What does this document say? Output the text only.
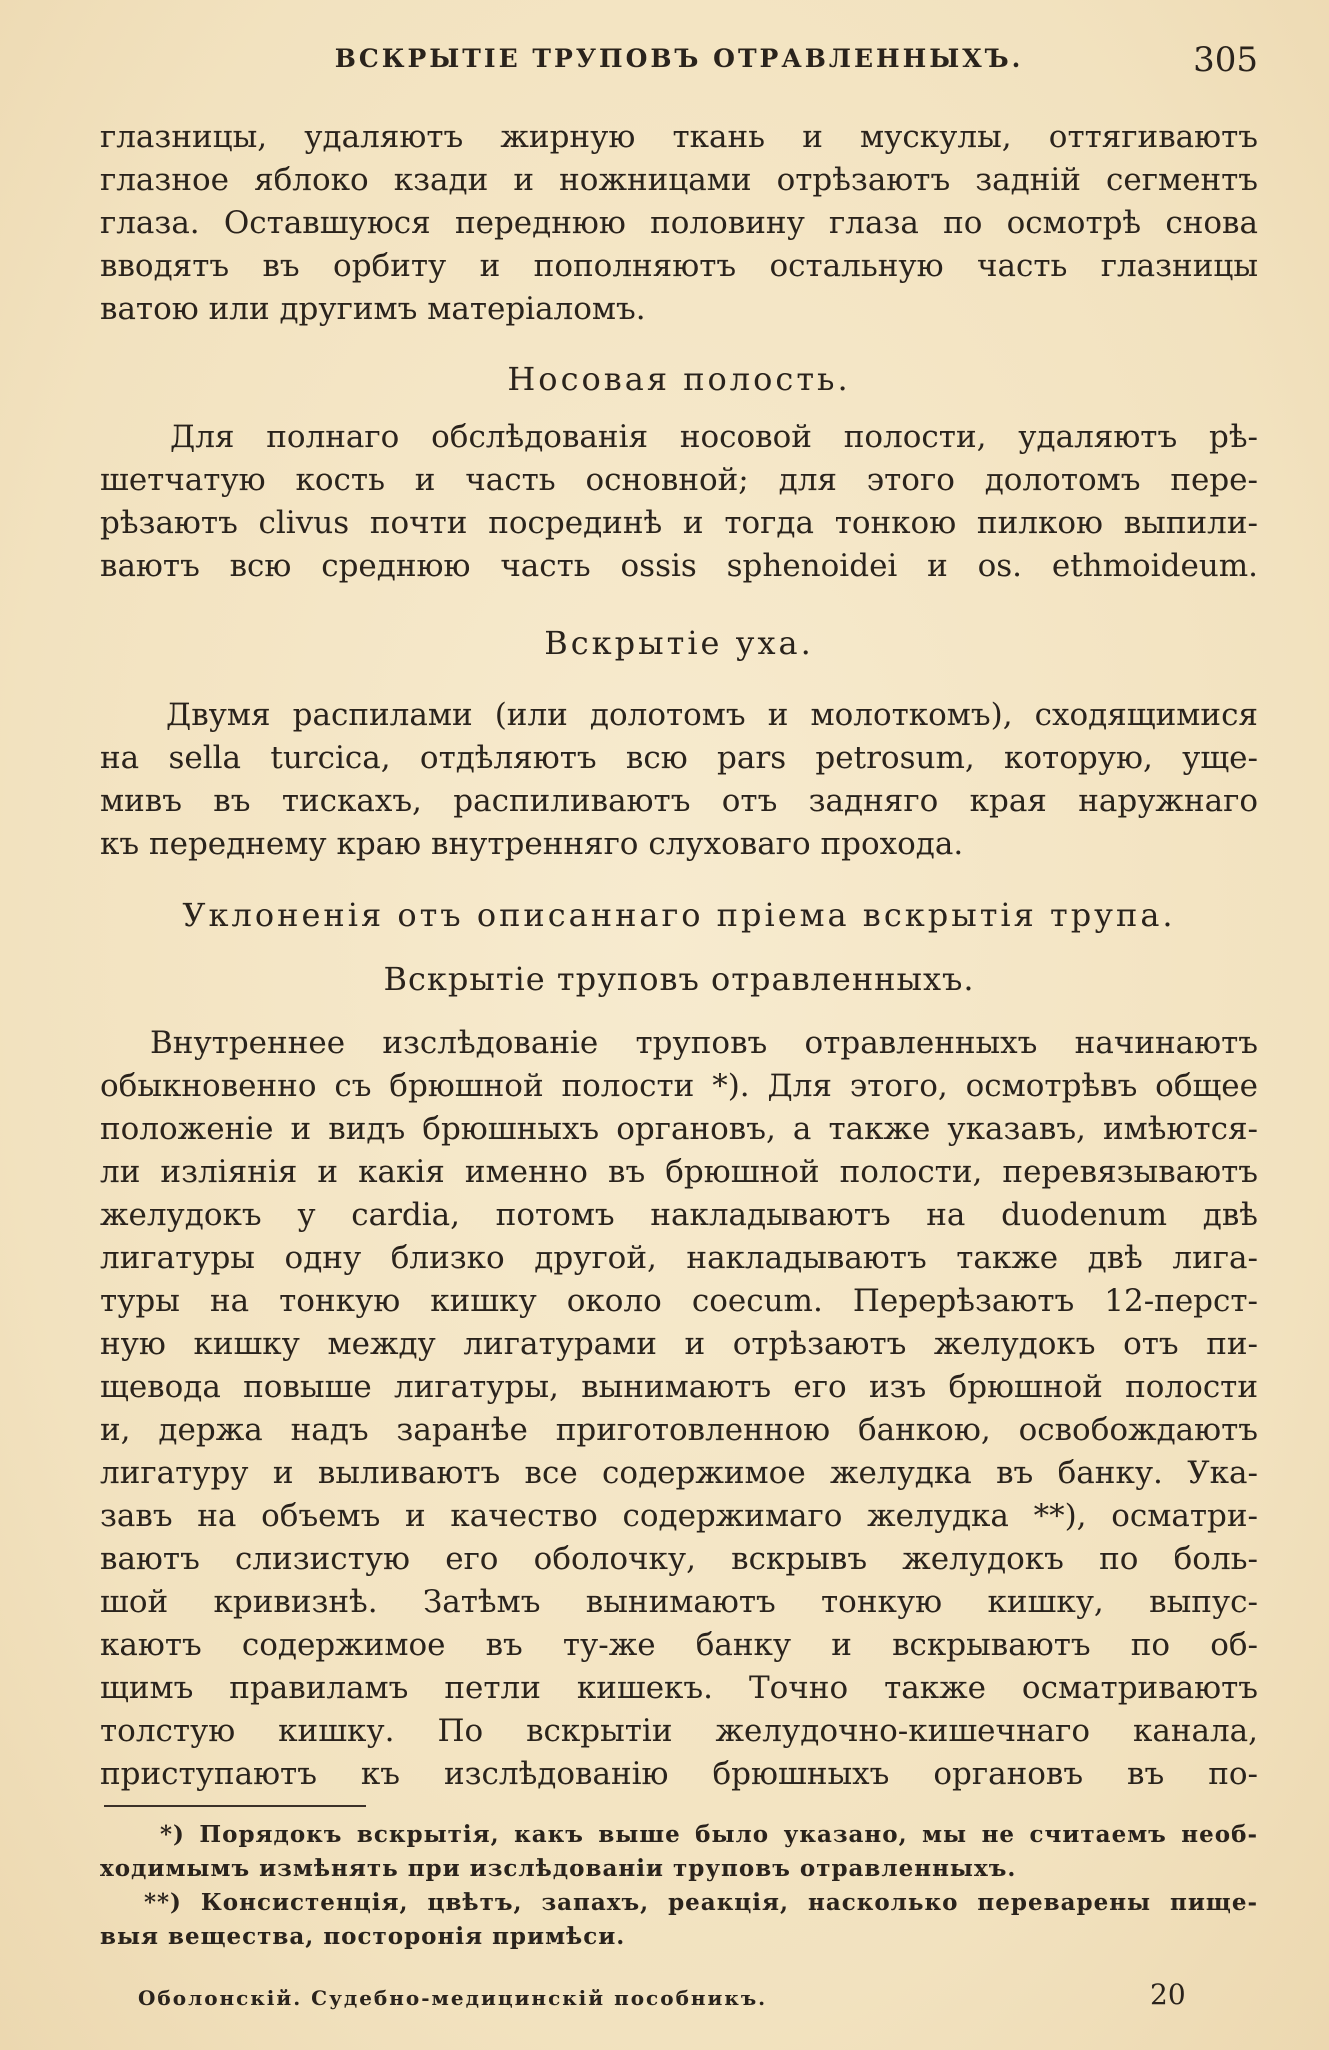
ВСКРЫТІЕ ТРУПОВЪ ОТРАВЛЕННЫХЪ.	305

глазницы, удаляютъ жирную ткань и мускулы, оттягиваютъ
глазное яблоко кзади и ножницами отрѣзаютъ задній сегментъ
глаза. Оставшуюся переднюю половину глаза по осмотрѣ снова
вводятъ въ орбиту и пополняютъ остальную часть глазницы
ватою или другимъ матеріаломъ.

Носовая полость.

Для полнаго обслѣдованія носовой полости, удаляютъ рѣ-
шетчатую кость и часть основной; для этого долотомъ пере-
рѣзаютъ clivus почти посрединѣ и тогда тонкою пилкою выпили-
ваютъ всю среднюю часть ossis sphenoidei и os. ethmoideum.

Вскрытіе уха.

Двумя распилами (или долотомъ и молоткомъ), сходящимися
на sella turcica, отдѣляютъ всю pars petrosum, которую, ущe-
мивъ въ тискахъ, распиливаютъ отъ задняго края наружнаго
къ переднему краю внутренняго слуховаго прохода.

Уклоненія отъ описаннаго пріема вскрытія трупа.

Вскрытіе труповъ отравленныхъ.

Внутреннее изслѣдованіе труповъ отравленныхъ начинаютъ
обыкновенно съ брюшной полости *). Для этого, осмотрѣвъ общее
положеніе и видъ брюшныхъ органовъ, а также указавъ, имѣются-
ли изліянія и какія именно въ брюшной полости, перевязываютъ
желудокъ у cardia, потомъ накладываютъ на duodenum двѣ
лигатуры одну близко другой, накладываютъ также двѣ лига-
туры на тонкую кишку около coecum. Перерѣзаютъ 12-перст-
ную кишку между лигатурами и отрѣзаютъ желудокъ отъ пи-
щевода повыше лигатуры, вынимаютъ его изъ брюшной полости
и, держа надъ заранѣе приготовленною банкою, освобождаютъ
лигатуру и выливаютъ все содержимое желудка въ банку. Ука-
завъ на объемъ и качество содержимаго желудка **), осматри-
ваютъ слизистую его оболочку, вскрывъ желудокъ по боль-
шой кривизнѣ. Затѣмъ вынимаютъ тонкую кишку, выпус-
каютъ содержимое въ ту-же банку и вскрываютъ по об-
щимъ правиламъ петли кишекъ. Точно также осматриваютъ
толстую кишку. По вскрытіи желудочно-кишечнаго канала,
приступаютъ къ изслѣдованію брюшныхъ органовъ въ по-

*) Порядокъ вскрытія, какъ выше было указано, мы не считаемъ необ-
ходимымъ измѣнять при изслѣдованіи труповъ отравленныхъ.
**) Консистенція, цвѣтъ, запахъ, реакція, насколько переварены пище-
выя вещества, посторонія примѣси.
Оболонскій. Судебно-медицинскій пособникъ.	20
